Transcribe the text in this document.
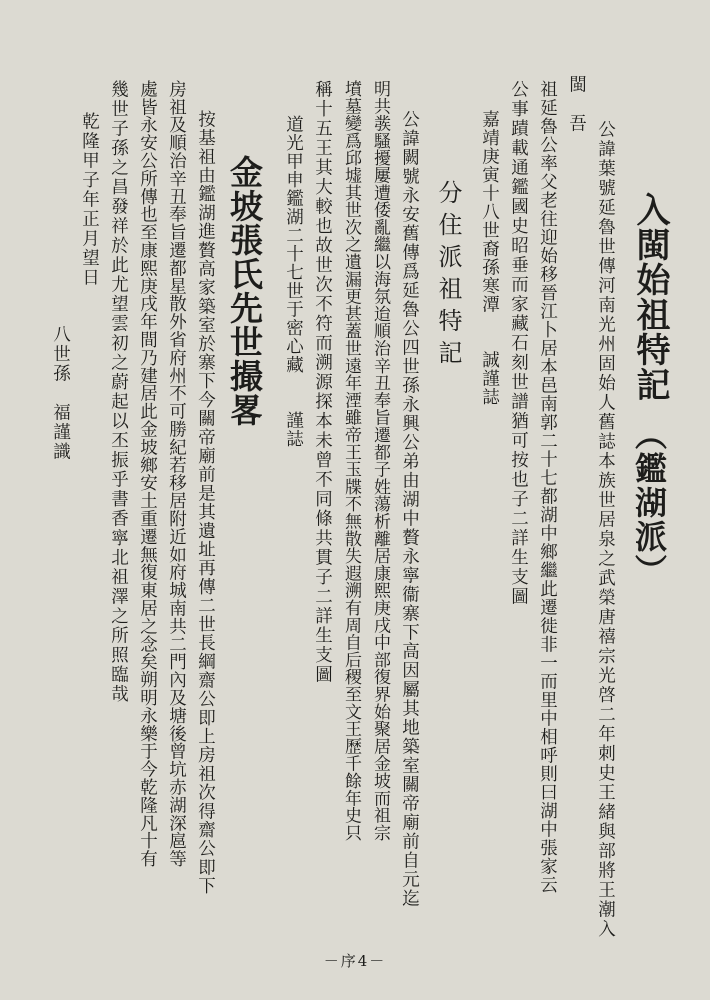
入閩始祖特記
（鑑湖派）
公諱葉號延魯世傳河南光州固始人舊誌本族世居泉之武榮唐禧宗光啓二年刺史王緒與部將王潮入
閩　吾
祖延魯公率父老往迎始移晉江卜居本邑南郭二十七都湖中鄉繼此遷徙非一而里中相呼則曰湖中張家云
公事蹟載通鑑國史昭垂而家藏石刻世譜猶可按也子二詳生支圖
嘉靖庚寅十八世裔孫寒潭　　誠謹誌
分住派祖特記
公諱闕號永安舊傳爲延魯公四世孫永興公弟由湖中贅永寧衞寨下高因屬其地築室關帝廟前自元迄
明共彂騷擾屢遭倭亂繼以海氛迨順治辛丑奉旨遷都子姓蕩析離居康熙庚戌中部復界始聚居金坡而祖宗
墳墓變爲邱墟其世次之遺漏更甚蓋世遠年湮雖帝王玉牒不無散失遐溯有周自后稷至文王歷千餘年史只
稱十五王其大較也故世次不符而溯源探本未曾不同條共貫子二詳生支圖
道光甲申鑑湖二十七世于密心藏　　謹誌
金坡張氏先世撮畧
按基祖由鑑湖進贅高家築室於寨下今關帝廟前是其遺址再傳二世長綱齋公即上房祖次得齋公即下
房祖及順治辛丑奉旨遷都星散外省府州不可勝紀若移居附近如府城南共二門內及塘後曾坑赤湖深扈等
處皆永安公所傳也至康熙庚戌年間乃建居此金坡鄉安土重遷無復東居之念矣朔明永樂于今乾隆凡十有
幾世子孫之昌發祥於此尤望雲初之蔚起以丕振乎書香寧北祖澤之所照臨哉
乾隆甲子年正月望日
八世孫　福謹識
－序4－
